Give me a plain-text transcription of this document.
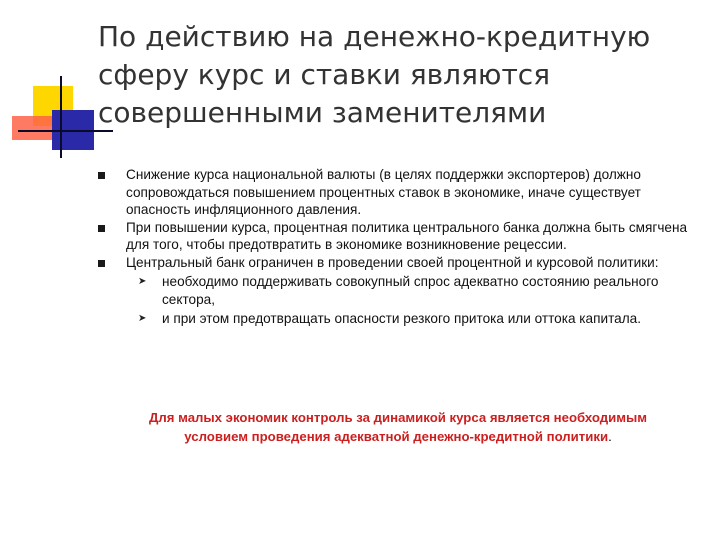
По действию на денежно-кредитную сферу курс и ставки являются совершенными заменителями
Снижение курса национальной валюты (в целях поддержки экспортеров) должно сопровождаться повышением процентных ставок в экономике, иначе существует опасность инфляционного давления.
При повышении курса, процентная политика центрального банка должна быть смягчена для того, чтобы предотвратить в экономике возникновение рецессии.
Центральный банк ограничен в проведении своей процентной и курсовой политики:
➤ необходимо поддерживать совокупный спрос адекватно состоянию реального сектора,
➤ и при этом предотвращать опасности резкого притока или оттока капитала.
Для малых экономик контроль за динамикой курса является необходимым условием проведения адекватной денежно-кредитной политики.
